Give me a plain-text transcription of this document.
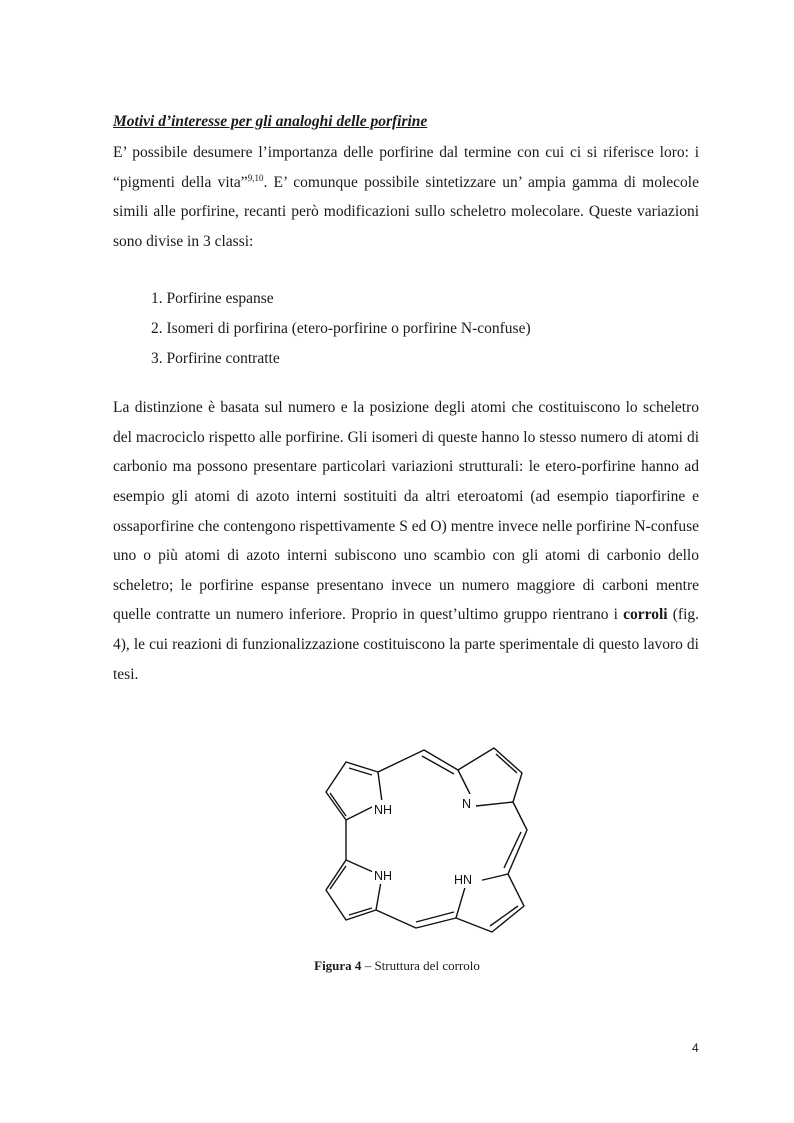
Motivi d’interesse per gli analoghi delle porfirine

E’ possibile desumere l’importanza delle porfirine dal termine con cui ci si riferisce loro: i “pigmenti della vita”$^{9,10}$. E’ comunque possibile sintetizzare un’ ampia gamma di molecole simili alle porfirine, recanti però modificazioni sullo scheletro molecolare. Queste variazioni sono divise in 3 classi:

1. Porfirine espanse
2. Isomeri di porfirina (etero-porfirine o porfirine N-confuse)
3. Porfirine contratte

La distinzione è basata sul numero e la posizione degli atomi che costituiscono lo scheletro del macrociclo rispetto alle porfirine. Gli isomeri di queste hanno lo stesso numero di atomi di carbonio ma possono presentare particolari variazioni strutturali: le etero-porfirine hanno ad esempio gli atomi di azoto interni sostituiti da altri eteroatomi (ad esempio tiaporfirine e ossaporfirine che contengono rispettivamente S ed O) mentre invece nelle porfirine N-confuse uno o più atomi di azoto interni subiscono uno scambio con gli atomi di carbonio dello scheletro; le porfirine espanse presentano invece un numero maggiore di carboni mentre quelle contratte un numero inferiore. Proprio in quest’ultimo gruppo rientrano i corroli (fig. 4), le cui reazioni di funzionalizzazione costituiscono la parte sperimentale di questo lavoro di tesi.

NH	N
NH	HN
Figura 4 – Struttura del corrolo
4
